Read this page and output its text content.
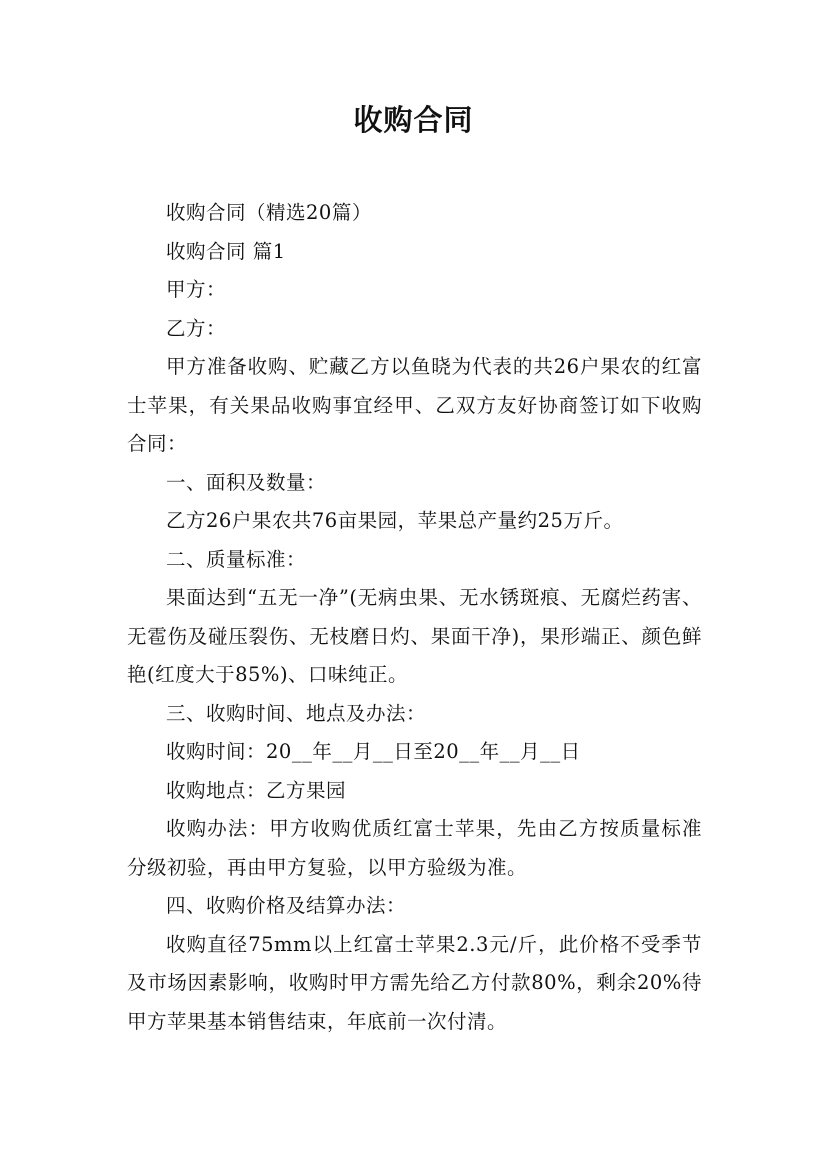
收购合同

收购合同（精选20篇）

收购合同 篇1

甲方：

乙方：

甲方准备收购、贮藏乙方以鱼晓为代表的共26户果农的红富士苹果，有关果品收购事宜经甲、乙双方友好协商签订如下收购合同：

一、面积及数量：

乙方26户果农共76亩果园，苹果总产量约25万斤。

二、质量标准：

果面达到“五无一净”(无病虫果、无水锈斑痕、无腐烂药害、无雹伤及碰压裂伤、无枝磨日灼、果面干净)，果形端正、颜色鲜艳(红度大于85%)、口味纯正。

三、收购时间、地点及办法：

收购时间：20__年__月__日至20__年__月__日

收购地点：乙方果园

收购办法：甲方收购优质红富士苹果，先由乙方按质量标准分级初验，再由甲方复验，以甲方验级为准。

四、收购价格及结算办法：

收购直径75mm以上红富士苹果2.3元/斤，此价格不受季节及市场因素影响，收购时甲方需先给乙方付款80%，剩余20%待甲方苹果基本销售结束，年底前一次付清。
